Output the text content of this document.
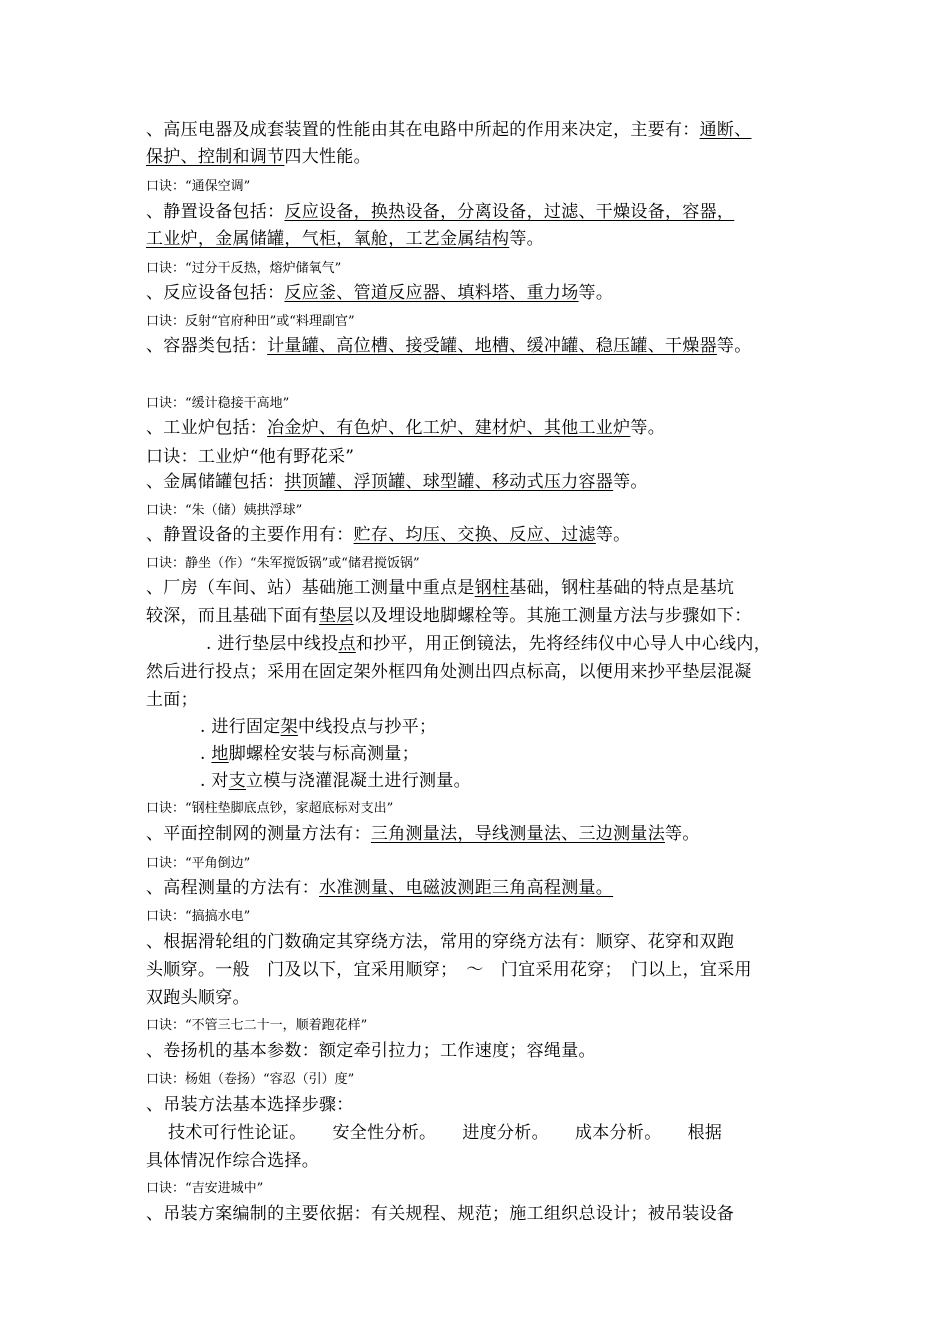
、高压电器及成套装置的性能由其在电路中所起的作用来决定，主要有：通断、
保护、控制和调节四大性能。
口诀：“通保空调”
、静置设备包括：反应设备，换热设备，分离设备，过滤、干燥设备，容器，
工业炉，金属储罐，气柜，氧舱，工艺金属结构等。
口诀：“过分干反热，熔炉储氧气”
、反应设备包括：反应釜、管道反应器、填料塔、重力场等。
口诀：反射“官府种田”或“料理副官”
、容器类包括：计量罐、高位槽、接受罐、地槽、缓冲罐、稳压罐、干燥器等。
口诀：“缓计稳接干高地”
、工业炉包括：冶金炉、有色炉、化工炉、建材炉、其他工业炉等。
口诀：工业炉“他有野花采”
、金属储罐包括：拱顶罐、浮顶罐、球型罐、移动式压力容器等。
口诀：“朱（储）姨拱浮球”
、静置设备的主要作用有：贮存、均压、交换、反应、过滤等。
口诀：静坐（作）“朱军搅饭锅”或“储君搅饭锅”
、厂房（车间、站）基础施工测量中重点是钢柱基础，钢柱基础的特点是基坑
较深，而且基础下面有垫层以及埋设地脚螺栓等。其施工测量方法与步骤如下：
. 进行垫层中线投点和抄平，用正倒镜法，先将经纬仪中心导人中心线内，
然后进行投点；采用在固定架外框四角处测出四点标高，以便用来抄平垫层混凝
土面；
. 进行固定架中线投点与抄平；
. 地脚螺栓安装与标高测量；
. 对支立模与浇灌混凝土进行测量。
口诀：“钢柱垫脚底点钞，家超底标对支出”
、平面控制网的测量方法有：三角测量法，导线测量法、三边测量法等。
口诀：“平角倒边”
、高程测量的方法有：水准测量、电磁波测距三角高程测量。
口诀：“搞搞水电”
、根据滑轮组的门数确定其穿绕方法，常用的穿绕方法有：顺穿、花穿和双跑
头顺穿。一般　门及以下，宜采用顺穿；　～　门宜采用花穿；　门以上，宜采用
双跑头顺穿。
口诀：“不管三七二十一，顺着跑花样”
、卷扬机的基本参数：额定牵引拉力；工作速度；容绳量。
口诀：杨姐（卷扬）“容忍（引）度”
、吊装方法基本选择步骤：
技术可行性论证。　　安全性分析。　　进度分析。　　成本分析。　　根据
具体情况作综合选择。
口诀：“吉安进城中”
、吊装方案编制的主要依据：有关规程、规范；施工组织总设计；被吊装设备
